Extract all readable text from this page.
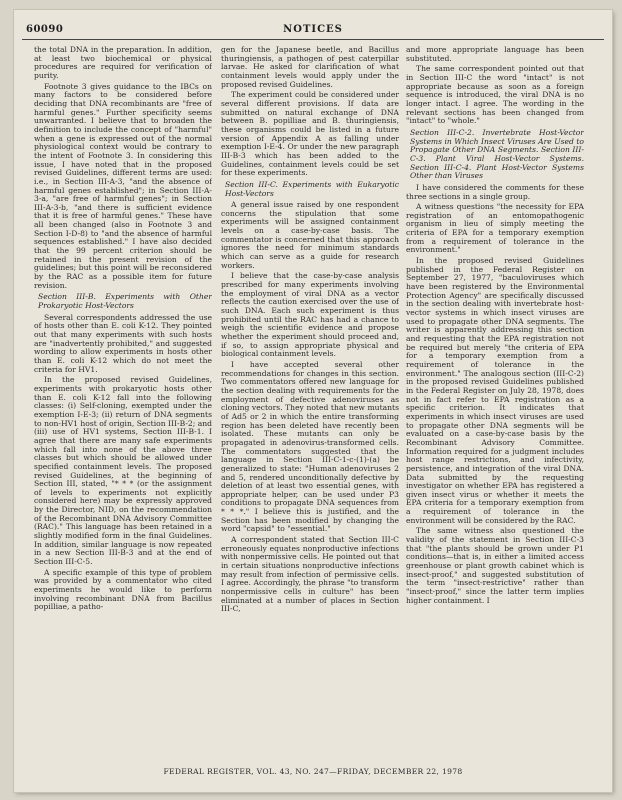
60090	NOTICES

the total DNA in the preparation. In addition, at least two biochemical or physical procedures are required for verification of purity.

Footnote 3 gives guidance to the IBCs on many factors to be considered before deciding that DNA recombinants are "free of harmful genes." Further specificity seems unwarranted. I believe that to broaden the definition to include the concept of "harmful" when a gene is expressed out of the normal physiological context would be contrary to the intent of Footnote 3. In considering this issue, I have noted that in the proposed revised Guidelines, different terms are used: i.e., in Section III-A-3, "and the absence of harmful genes established"; in Section III-A-3-a, "are free of harmful genes"; in Section III-A-3-b, "and there is sufficient evidence that it is free of harmful genes." These have all been changed (also in Footnote 3 and Section I-D-8) to "and the absence of harmful sequences established." I have also decided that the 99 percent criterion should be retained in the present revision of the guidelines; but this point will be reconsidered by the RAC as a possible item for future revision.

Section III-B. Experiments with Other Prokaryotic Host-Vectors

Several correspondents addressed the use of hosts other than E. coli K-12. They pointed out that many experiments with such hosts are "inadvertently prohibited," and suggested wording to allow experiments in hosts other than E. coli K-12 which do not meet the criteria for HV1.

In the proposed revised Guidelines, experiments with prokaryotic hosts other than E. coli K-12 fall into the following classes: (i) Self-cloning, exempted under the exemption I-E-3; (ii) return of DNA segments to non-HV1 host of origin, Section III-B-2; and (iii) use of HV1 systems, Section III-B-1. I agree that there are many safe experiments which fall into none of the above three classes but which should be allowed under specified containment levels. The proposed revised Guidelines, at the beginning of Section III, stated, "* * * (or the assignment of levels to experiments not explicitly considered here) may be expressly approved by the Director, NID, on the recommendation of the Recombinant DNA Advisory Committee (RAC)." This language has been retained in a slightly modified form in the final Guidelines. In addition, similar language is now repeated in a new Section III-B-3 and at the end of Section III-C-5.

A specific example of this type of problem was provided by a commentator who cited experiments he would like to perform involving recombinant DNA from Bacillus popilliae, a patho-

gen for the Japanese beetle, and Bacillus thuringiensis, a pathogen of pest caterpillar larvae. He asked for clarification of what containment levels would apply under the proposed revised Guidelines.

The experiment could be considered under several different provisions. If data are submitted on natural exchange of DNA between B. popilliae and B. thuringiensis, these organisms could be listed in a future version of Appendix A as falling under exemption I-E-4. Or under the new paragraph III-B-3 which has been added to the Guidelines, containment levels could be set for these experiments.

Section III-C. Experiments with Eukaryotic Host-Vectors

A general issue raised by one respondent concerns the stipulation that some experiments will be assigned containment levels on a case-by-case basis. The commentator is concerned that this approach ignores the need for minimum standards which can serve as a guide for research workers.

I believe that the case-by-case analysis prescribed for many experiments involving the employment of viral DNA as a vector reflects the caution exercised over the use of such DNA. Each such experiment is thus prohibited until the RAC has had a chance to weigh the scientific evidence and propose whether the experiment should proceed and, if so, to assign appropriate physical and biological containment levels.

I have accepted several other recommendations for changes in this section. Two commentators offered new language for the section dealing with requirements for the employment of defective adenoviruses as cloning vectors. They noted that new mutants of Ad5 or 2 in which the entire transforming region has been deleted have recently been isolated. These mutants can only be propagated in adenovirus-transformed cells. The commentators suggested that the language in Section III-C-1-c-(1)-(a) be generalized to state: "Human adenoviruses 2 and 5, rendered unconditionally defective by deletion of at least two essential genes, with appropriate helper, can be used under P3 conditions to propagate DNA sequences from * * *." I believe this is justified, and the Section has been modified by changing the word "capsid" to "essential."

A correspondent stated that Section III-C erroneously equates nonproductive infections with nonpermissive cells. He pointed out that in certain situations nonproductive infections may result from infection of permissive cells. I agree. Accordingly, the phrase "to transform nonpermissive cells in culture" has been eliminated at a number of places in Section III-C,

and more appropriate language has been substituted.

The same correspondent pointed out that in Section III-C the word "intact" is not appropriate because as soon as a foreign sequence is introduced, the viral DNA is no longer intact. I agree. The wording in the relevant sections has been changed from "intact" to "whole."

Section III-C-2. Invertebrate Host-Vector Systems in Which Insect Viruses Are Used to Propagate Other DNA Segments. Section III-C-3. Plant Viral Host-Vector Systems. Section III-C-4. Plant Host-Vector Systems Other than Viruses

I have considered the comments for these three sections in a single group.

A witness questions "the necessity for EPA registration of an entomopathogenic organism in lieu of simply meeting the criteria of EPA for a temporary exemption from a requirement of tolerance in the environment."

In the proposed revised Guidelines published in the Federal Register on September 27, 1977, "baculoviruses which have been registered by the Environmental Protection Agency" are specifically discussed in the section dealing with invertebrate host-vector systems in which insect viruses are used to propagate other DNA segments. The writer is apparently addressing this section and requesting that the EPA registration not be required but merely "the criteria of EPA for a temporary exemption from a requirement of tolerance in the environment." The analogous section (III-C-2) in the proposed revised Guidelines published in the Federal Register on July 28, 1978, does not in fact refer to EPA registration as a specific criterion. It indicates that experiments in which insect viruses are used to propagate other DNA segments will be evaluated on a case-by-case basis by the Recombinant Advisory Committee. Information required for a judgment includes host range restrictions, and infectivity, persistence, and integration of the viral DNA. Data submitted by the requesting investigator on whether EPA has registered a given insect virus or whether it meets the EPA criteria for a temporary exemption from a requirement of tolerance in the environment will be considered by the RAC.

The same witness also questioned the validity of the statement in Section III-C-3 that "the plants should be grown under P1 conditions—that is, in either a limited access greenhouse or plant growth cabinet which is insect-proof," and suggested substitution of the term "insect-restrictive" rather than "insect-proof," since the latter term implies higher containment. I

FEDERAL REGISTER, VOL. 43, NO. 247—FRIDAY, DECEMBER 22, 1978
